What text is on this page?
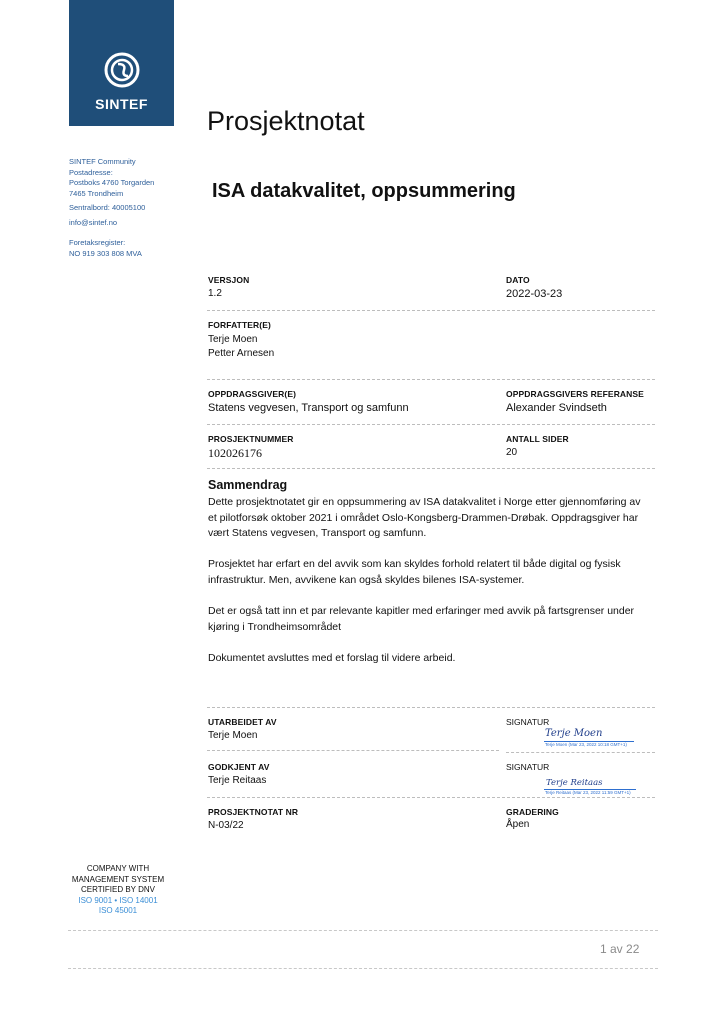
SINTEF
SINTEF Community
Postadresse:
Postboks 4760 Torgarden
7465 Trondheim
Sentralbord: 40005100
info@sintef.no
Foretaksregister:
NO 919 303 808 MVA
Prosjektnotat
ISA datakvalitet, oppsummering
VERSJON
1.2
DATO
2022-03-23
FORFATTER(E)
Terje Moen
Petter Arnesen
OPPDRAGSGIVER(E)
Statens vegvesen, Transport og samfunn
OPPDRAGSGIVERS REFERANSE
Alexander Svindseth
PROSJEKTNUMMER
102026176
ANTALL SIDER
20
Sammendrag
Dette prosjektnotatet gir en oppsummering av ISA datakvalitet i Norge etter gjennomføring av et pilotforsøk oktober 2021 i området Oslo-Kongsberg-Drammen-Drøbak. Oppdragsgiver har vært Statens vegvesen, Transport og samfunn.
Prosjektet har erfart en del avvik som kan skyldes forhold relatert til både digital og fysisk infrastruktur. Men, avvikene kan også skyldes bilenes ISA-systemer.
Det er også tatt inn et par relevante kapitler med erfaringer med avvik på fartsgrenser under kjøring i Trondheimsområdet
Dokumentet avsluttes med et forslag til videre arbeid.
UTARBEIDET AV
Terje Moen
SIGNATUR
Terje Moen
Terje Moen (Mar 23, 2022 10:18 GMT+1)
GODKJENT AV
Terje Reitaas
SIGNATUR
Terje Reitaas
Terje Reitaas (Mar 23, 2022 11:59 GMT+1)
PROSJEKTNOTAT NR
N-03/22
GRADERING
Åpen
COMPANY WITH
MANAGEMENT SYSTEM
CERTIFIED BY DNV
ISO 9001 • ISO 14001
ISO 45001
1 av 22
